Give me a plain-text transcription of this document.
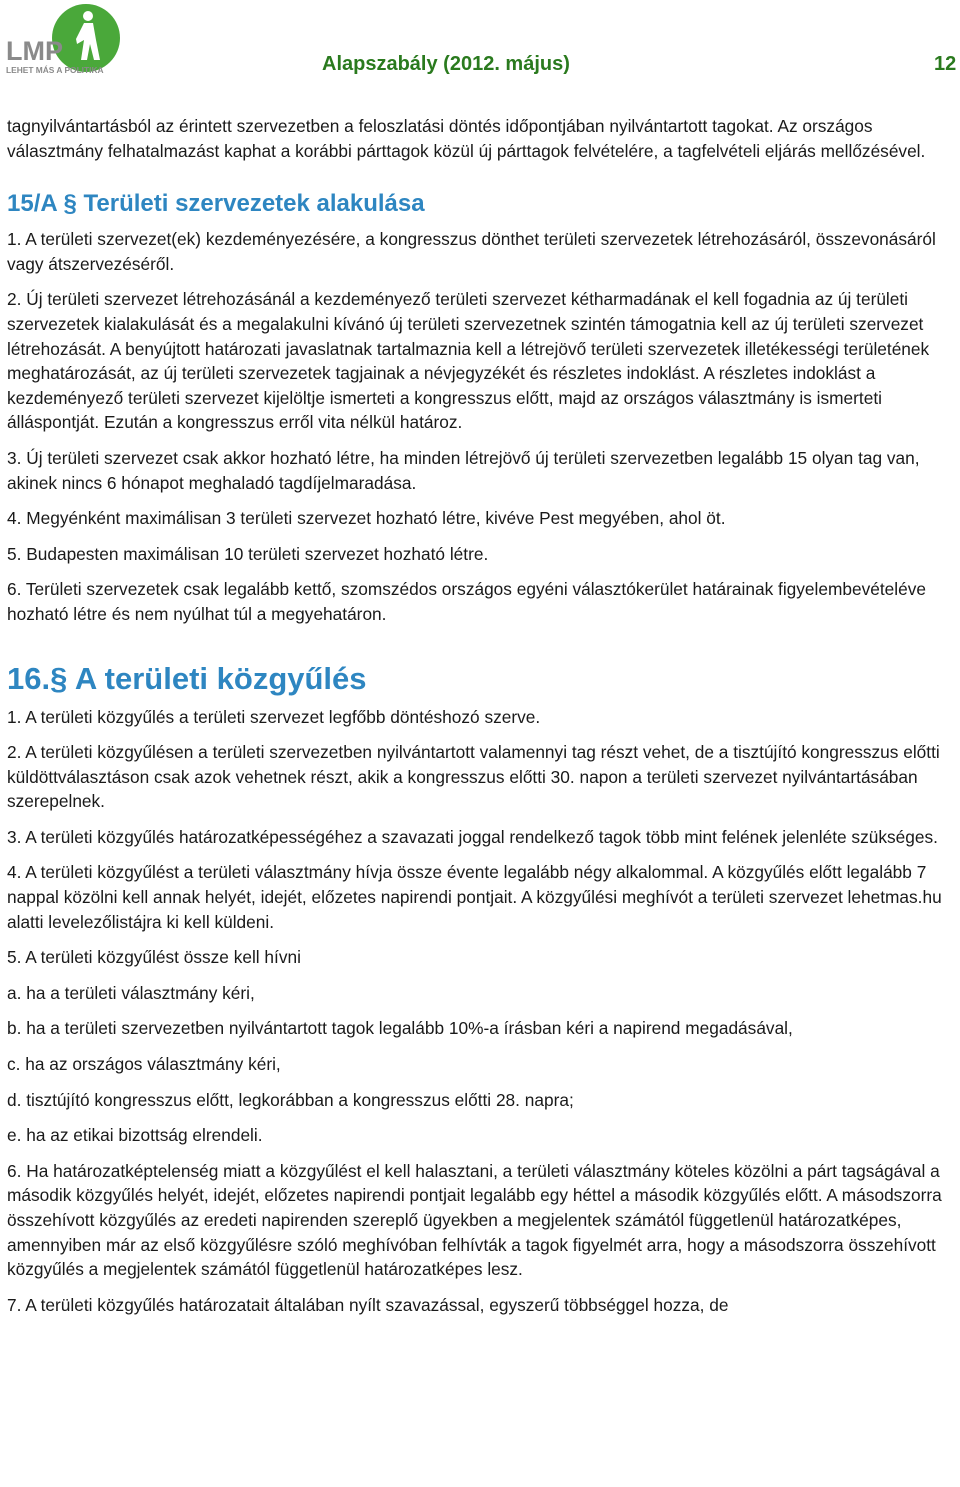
LMP
LEHET MÁS A POLITIKA	Alapszabály (2012. május)	12

tagnyilvántartásból az érintett szervezetben a feloszlatási döntés időpontjában nyilvántartott tagokat. Az országos választmány felhatalmazást kaphat a korábbi párttagok közül új párttagok felvételére, a tagfelvételi eljárás mellőzésével.

15/A § Területi szervezetek alakulása

1. A területi szervezet(ek) kezdeményezésére, a kongresszus dönthet területi szervezetek létrehozásáról, összevonásáról vagy átszervezéséről.

2. Új területi szervezet létrehozásánál a kezdeményező területi szervezet kétharmadának el kell fogadnia az új területi szervezetek kialakulását és a megalakulni kívánó új területi szervezetnek szintén támogatnia kell az új területi szervezet létrehozását. A benyújtott határozati javaslatnak tartalmaznia kell a létrejövő területi szervezetek illetékességi területének meghatározását, az új területi szervezetek tagjainak a névjegyzékét és részletes indoklást. A részletes indoklást a kezdeményező területi szervezet kijelöltje ismerteti a kongresszus előtt, majd az országos választmány is ismerteti álláspontját. Ezután a kongresszus erről vita nélkül határoz.

3. Új területi szervezet csak akkor hozható létre, ha minden létrejövő új területi szervezetben legalább 15 olyan tag van, akinek nincs 6 hónapot meghaladó tagdíjelmaradása.

4. Megyénként maximálisan 3 területi szervezet hozható létre, kivéve Pest megyében, ahol öt.

5. Budapesten maximálisan 10 területi szervezet hozható létre.

6. Területi szervezetek csak legalább kettő, szomszédos országos egyéni választókerület határainak figyelembevételéve hozható létre és nem nyúlhat túl a megyehatáron.

16.§ A területi közgyűlés

1. A területi közgyűlés a területi szervezet legfőbb döntéshozó szerve.

2. A területi közgyűlésen a területi szervezetben nyilvántartott valamennyi tag részt vehet, de a tisztújító kongresszus előtti küldöttválasztáson csak azok vehetnek részt, akik a kongresszus előtti 30. napon a területi szervezet nyilvántartásában szerepelnek.

3. A területi közgyűlés határozatképességéhez a szavazati joggal rendelkező tagok több mint felének jelenléte szükséges.

4. A területi közgyűlést a területi választmány hívja össze évente legalább négy alkalommal. A közgyűlés előtt legalább 7 nappal közölni kell annak helyét, idejét, előzetes napirendi pontjait. A közgyűlési meghívót a területi szervezet lehetmas.hu alatti levelezőlistájra ki kell küldeni.

5. A területi közgyűlést össze kell hívni

a. ha a területi választmány kéri,

b. ha a területi szervezetben nyilvántartott tagok legalább 10%-a írásban kéri a napirend megadásával,

c. ha az országos választmány kéri,

d. tisztújító kongresszus előtt, legkorábban a kongresszus előtti 28. napra;

e. ha az etikai bizottság elrendeli.

6. Ha határozatképtelenség miatt a közgyűlést el kell halasztani, a területi választmány köteles közölni a párt tagságával a második közgyűlés helyét, idejét, előzetes napirendi pontjait legalább egy héttel a második közgyűlés előtt. A másodszorra összehívott közgyűlés az eredeti napirenden szereplő ügyekben a megjelentek számától függetlenül határozatképes, amennyiben már az első közgyűlésre szóló meghívóban felhívták a tagok figyelmét arra, hogy a másodszorra összehívott közgyűlés a megjelentek számától függetlenül határozatképes lesz.

7. A területi közgyűlés határozatait általában nyílt szavazással, egyszerű többséggel hozza, de
